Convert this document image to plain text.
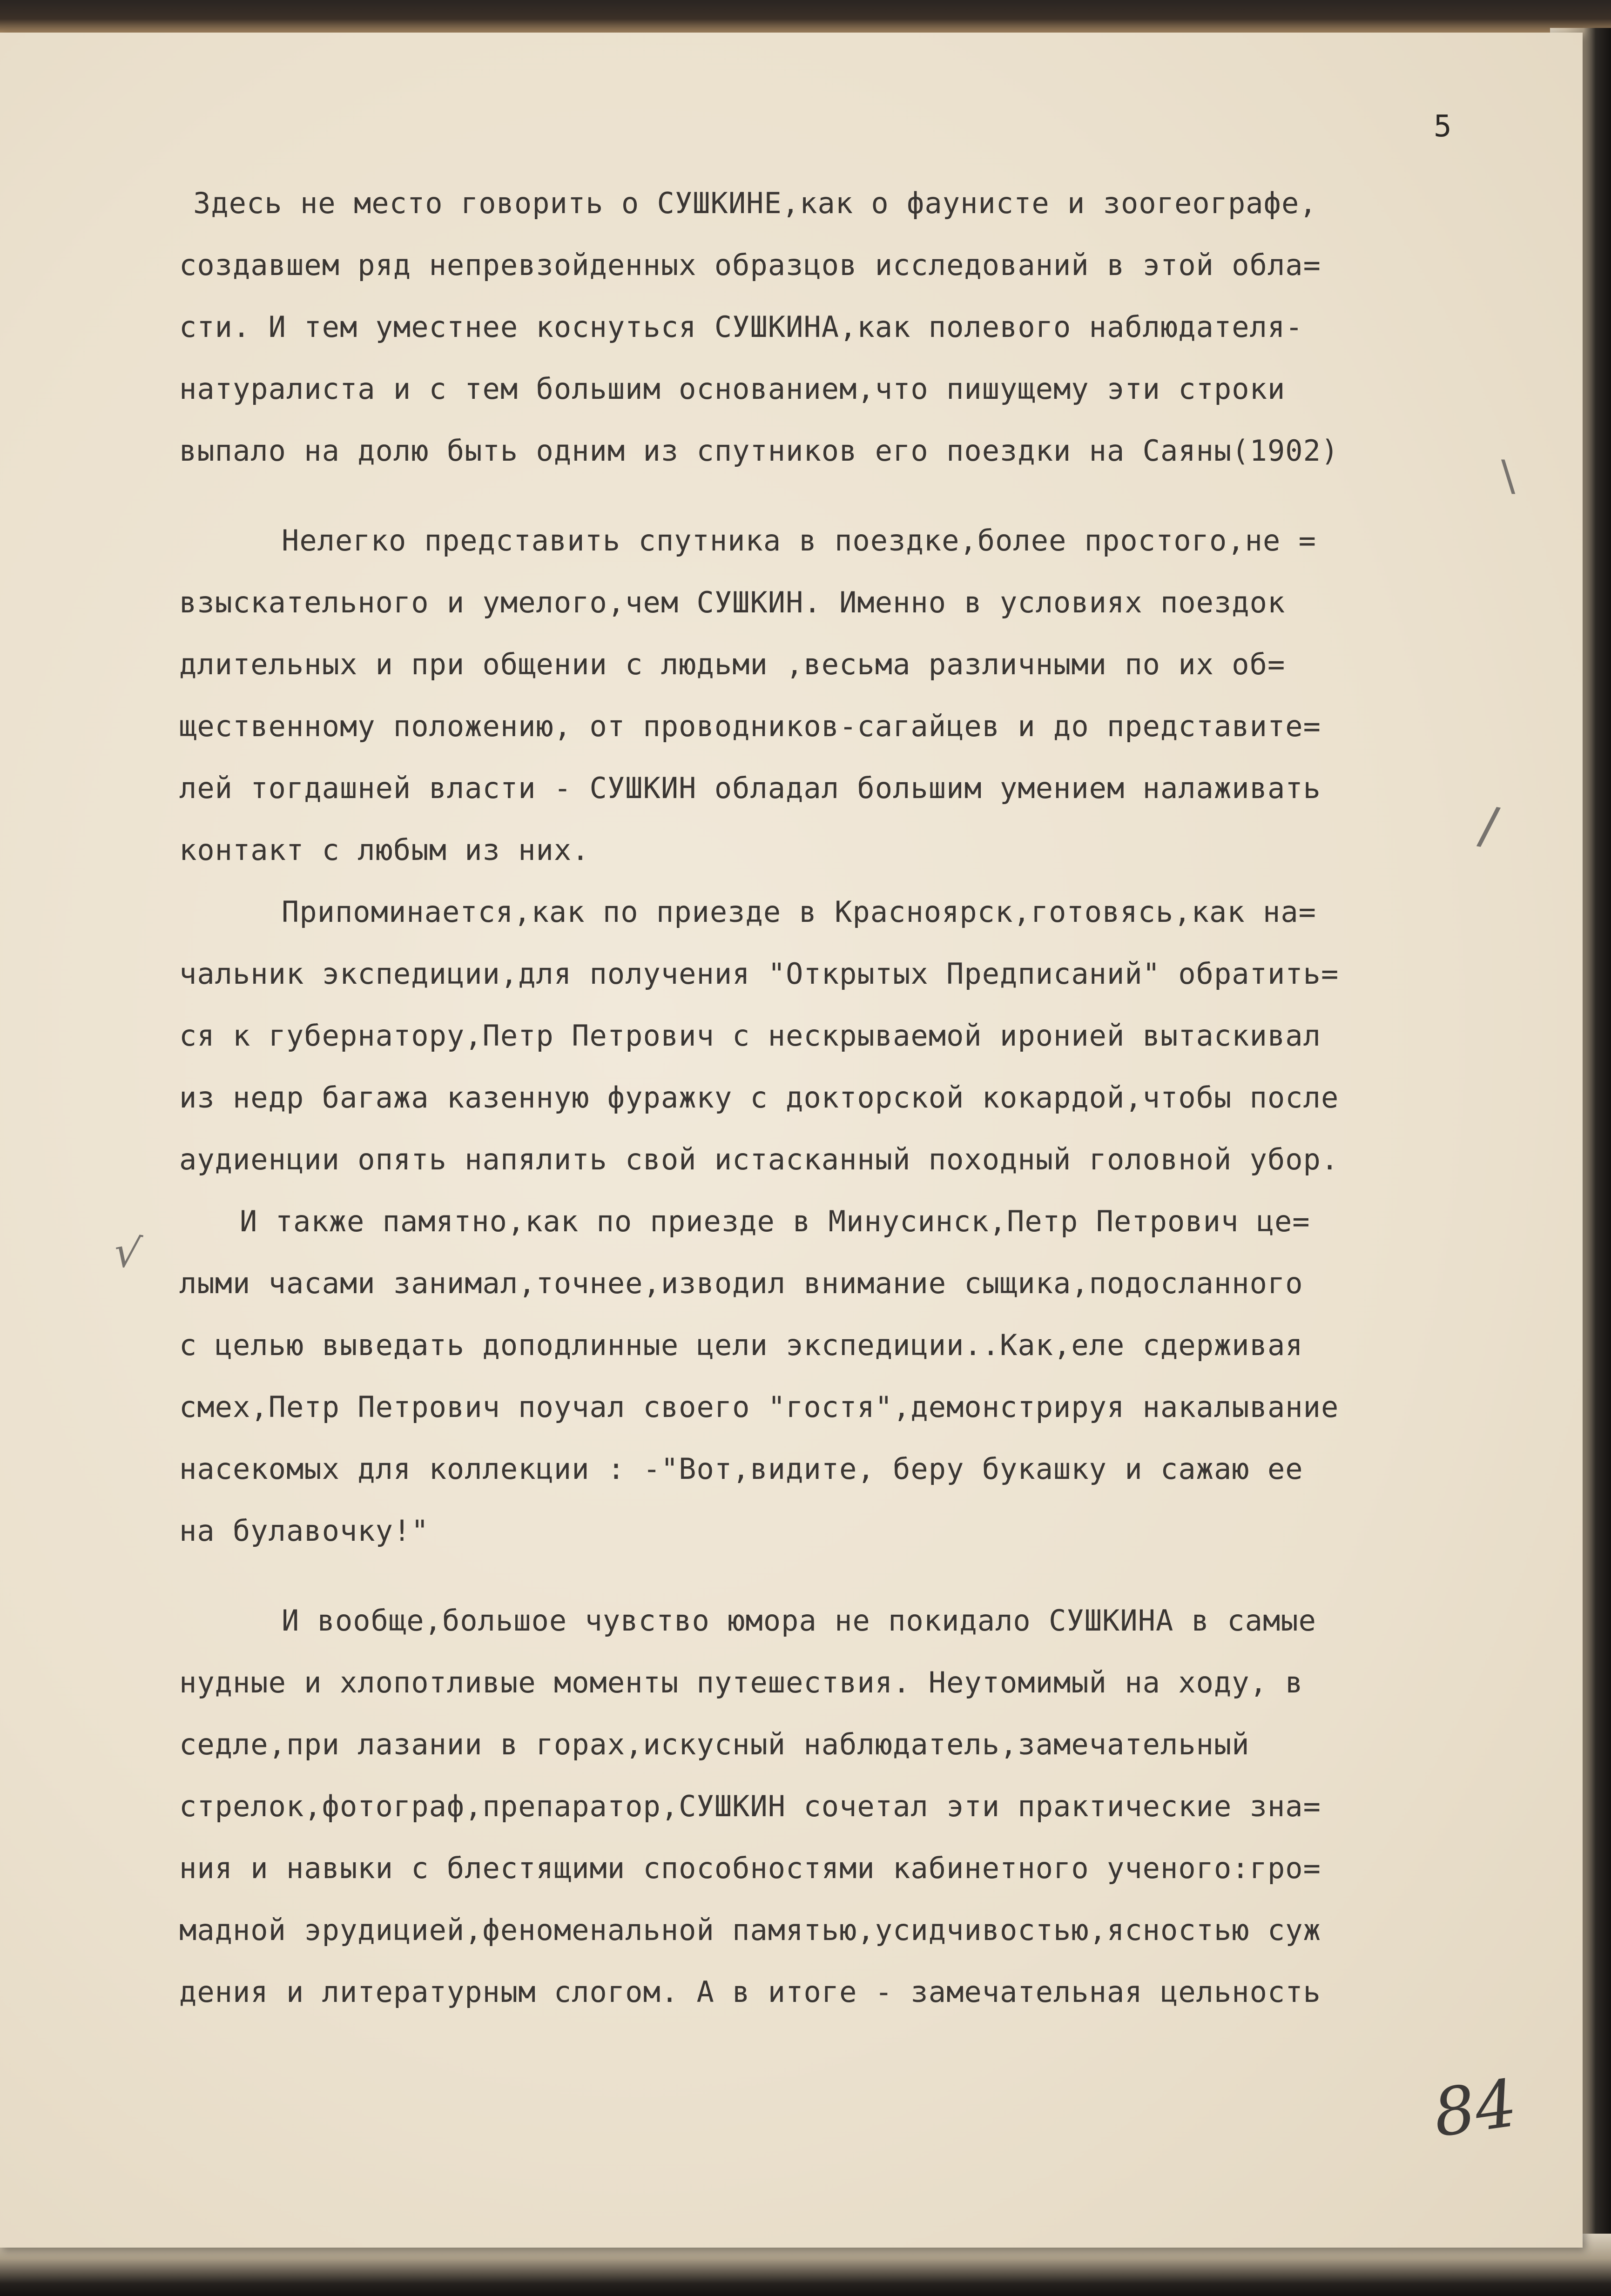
5
\
/
√
Здесь не место говорить о СУШКИНЕ,как о фаунисте и зоогеографе,
создавшем ряд непревзойденных образцов исследований в этой обла=
сти. И тем уместнее коснуться СУШКИНА,как полевого наблюдателя-
натуралиста и с тем большим основанием,что пишущему эти строки
выпало на долю быть одним из спутников его поездки на Саяны(1902)
Нелегко представить спутника в поездке,более простого,не =
взыскательного и умелого,чем СУШКИН. Именно в условиях поездок
длительных и при общении с людьми ,весьма различными по их об=
щественному положению, от проводников-сагайцев и до представите=
лей тогдашней власти - СУШКИН обладал большим умением налаживать
контакт с любым из них.
Припоминается,как по приезде в Красноярск,готовясь,как на=
чальник экспедиции,для получения "Открытых Предписаний" обратить=
ся к губернатору,Петр Петрович с нескрываемой иронией вытаскивал
из недр багажа казенную фуражку с докторской кокардой,чтобы после
аудиенции опять напялить свой истасканный походный головной убор.
И также памятно,как по приезде в Минусинск,Петр Петрович це=
лыми часами занимал,точнее,изводил внимание сыщика,подосланного
с целью выведать доподлинные цели экспедиции..Как,еле сдерживая
смех,Петр Петрович поучал своего "гостя",демонстрируя накалывание
насекомых для коллекции : -"Вот,видите, беру букашку и сажаю ее
на булавочку!"
И вообще,большое чувство юмора не покидало СУШКИНА в самые
нудные и хлопотливые моменты путешествия. Неутомимый на ходу, в
седле,при лазании в горах,искусный наблюдатель,замечательный
стрелок,фотограф,препаратор,СУШКИН сочетал эти практические зна=
ния и навыки с блестящими способностями кабинетного ученого:гро=
мадной эрудицией,феноменальной памятью,усидчивостью,ясностью суж
дения и литературным слогом. А в итоге - замечательная цельность
84
